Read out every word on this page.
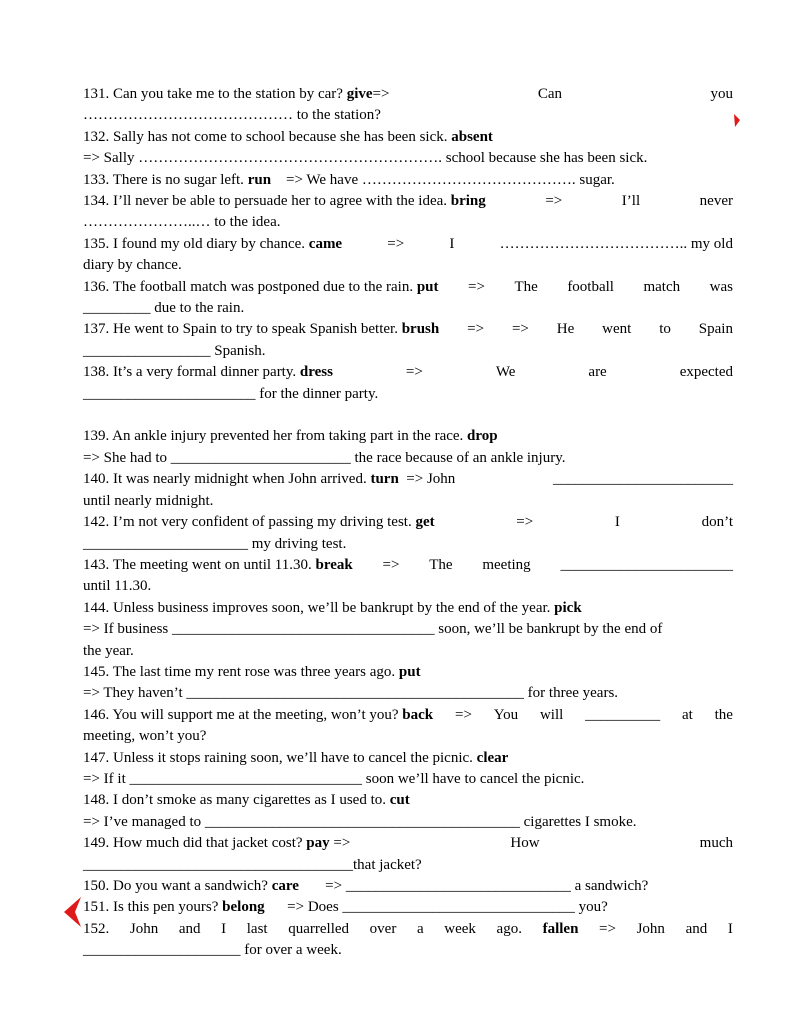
131. Can you take me to the station by car? give=>	Can	you
…………………………………… to the station?
132. Sally has not come to school because she has been sick. absent
=> Sally ……………………………………………………. school because she has been sick.
133. There is no sugar left. run => We have ……………………………………. sugar.
134. I’ll never be able to persuade her to agree with the idea. bring	=>	I’ll	never
…………………..… to the idea.
135. I found my old diary by chance. came	=>	I	……………………………….. my old
diary by chance.
136. The football match was postponed due to the rain. put => The football match was
_________ due to the rain.
137. He went to Spain to try to speak Spanish better. brush => => He went to Spain
_________________ Spanish.
138. It’s a very formal dinner party. dress	=>	We	are	expected
_______________________ for the dinner party.
139. An ankle injury prevented her from taking part in the race. drop
=> She had to ________________________ the race because of an ankle injury.
140. It was nearly midnight when John arrived. turn => John	________________________
until nearly midnight.
142. I’m not very confident of passing my driving test. get	=>	I	don’t
______________________ my driving test.
143. The meeting went on until 11.30. break => The meeting _______________________
until 11.30.
144. Unless business improves soon, we’ll be bankrupt by the end of the year. pick
=> If business ___________________________________ soon, we’ll be bankrupt by the end of
the year.
145. The last time my rent rose was three years ago. put
=> They haven’t _____________________________________________ for three years.
146. You will support me at the meeting, won’t you? back => You will __________ at the
meeting, won’t you?
147. Unless it stops raining soon, we’ll have to cancel the picnic. clear
=> If it _______________________________ soon we’ll have to cancel the picnic.
148. I don’t smoke as many cigarettes as I used to. cut
=> I’ve managed to __________________________________________ cigarettes I smoke.
149. How much did that jacket cost? pay =>	How	much
____________________________________that jacket?
150. Do you want a sandwich? care => ______________________________ a sandwich?
151. Is this pen yours? belong => Does _______________________________ you?
152. John and I last quarrelled over a week ago. fallen => John and I
_____________________ for over a week.
